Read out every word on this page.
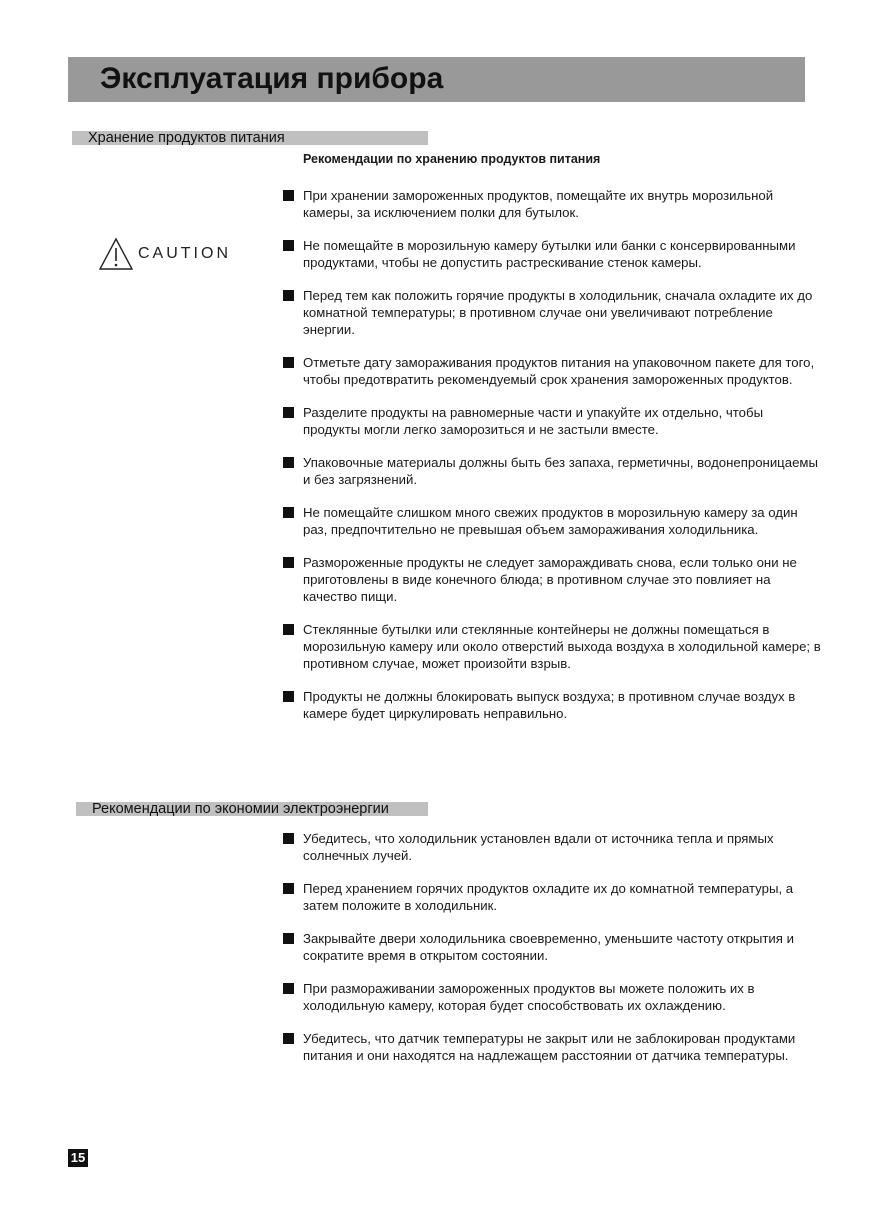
Эксплуатация прибора
Хранение продуктов питания
Рекомендации по хранению продуктов питания
CAUTION

При хранении замороженных продуктов, помещайте их внутрь морозильной камеры, за исключением полки для бутылок.

Не помещайте в морозильную камеру бутылки или банки с консервированными продуктами, чтобы не допустить растрескивание стенок камеры.

Перед тем как положить горячие продукты в холодильник, сначала охладите их до комнатной температуры; в противном случае они увеличивают потребление энергии.

Отметьте дату замораживания продуктов питания на упаковочном пакете для того, чтобы предотвратить рекомендуемый срок хранения замороженных продуктов.

Разделите продукты на равномерные части и упакуйте их отдельно, чтобы продукты могли легко заморозиться и не застыли вместе.

Упаковочные материалы должны быть без запаха, герметичны, водонепроницаемы и без загрязнений.

Не помещайте слишком много свежих продуктов в морозильную камеру за один раз, предпочтительно не превышая объем замораживания холодильника.

Размороженные продукты не следует замораждивать снова, если только они не приготовлены в виде конечного блюда; в противном случае это повлияет на качество пищи.

Стеклянные бутылки или стеклянные контейнеры не должны помещаться в морозильную камеру или около отверстий выхода воздуха в холодильной камере; в противном случае, может произойти взрыв.

Продукты не должны блокировать выпуск воздуха; в противном случае воздух в камере будет циркулировать неправильно.

Рекомендации по экономии электроэнергии

Убедитесь, что холодильник установлен вдали от источника тепла и прямых солнечных лучей.

Перед хранением горячих продуктов охладите их до комнатной температуры, а затем положите в холодильник.

Закрывайте двери холодильника своевременно, уменьшите частоту открытия и сократите время в открытом состоянии.

При размораживании замороженных продуктов вы можете положить их в холодильную камеру, которая будет способствовать их охлаждению.

Убедитесь, что датчик температуры не закрыт или не заблокирован продуктами питания и они находятся на надлежащем расстоянии от датчика температуры.

15
